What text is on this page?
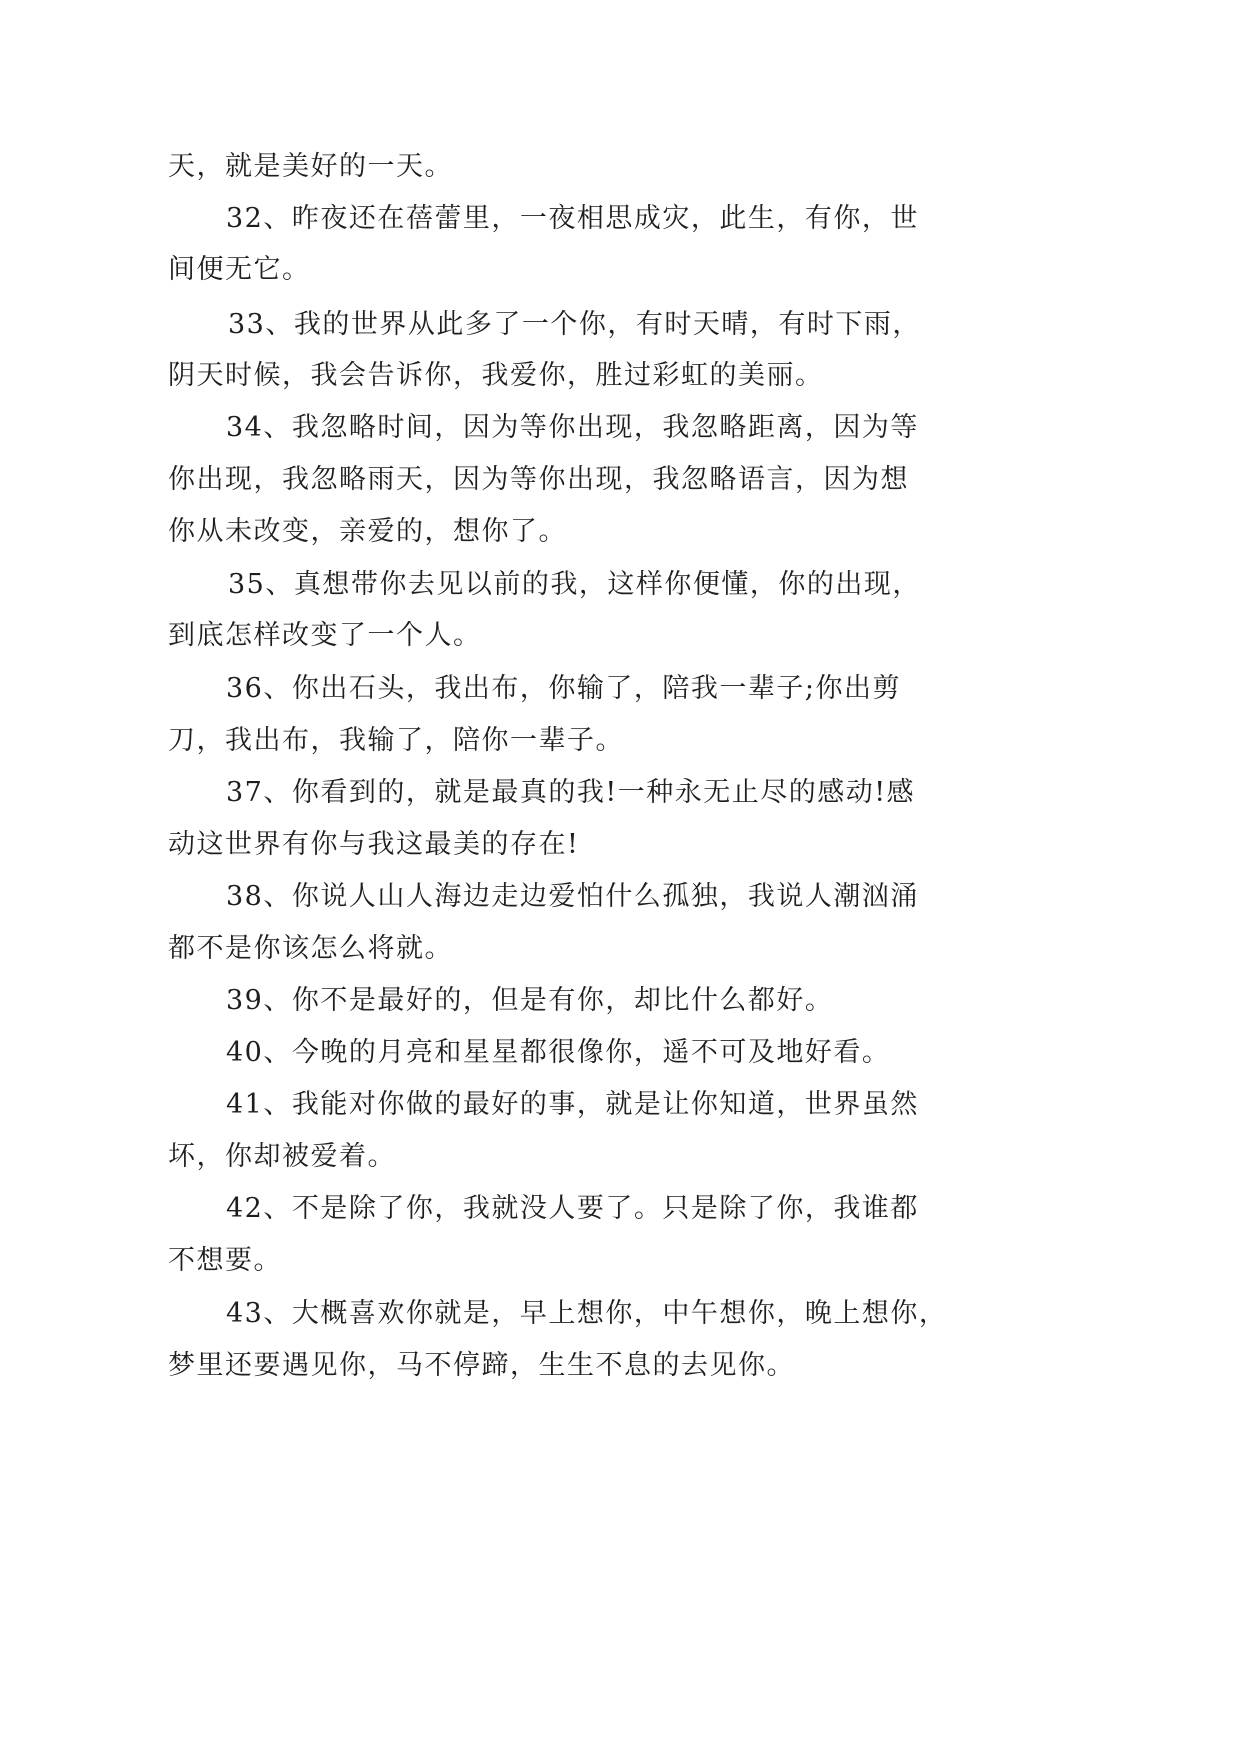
天，就是美好的一天。
32、昨夜还在蓓蕾里，一夜相思成灾，此生，有你，世
间便无它。
33、我的世界从此多了一个你，有时天晴，有时下雨，
阴天时候，我会告诉你，我爱你，胜过彩虹的美丽。
34、我忽略时间，因为等你出现，我忽略距离，因为等
你出现，我忽略雨天，因为等你出现，我忽略语言，因为想
你从未改变，亲爱的，想你了。
35、真想带你去见以前的我，这样你便懂，你的出现，
到底怎样改变了一个人。
36、你出石头，我出布，你输了，陪我一辈子;你出剪
刀，我出布，我输了，陪你一辈子。
37、你看到的，就是最真的我!一种永无止尽的感动!感
动这世界有你与我这最美的存在!
38、你说人山人海边走边爱怕什么孤独，我说人潮汹涌
都不是你该怎么将就。
39、你不是最好的，但是有你，却比什么都好。
40、今晚的月亮和星星都很像你，遥不可及地好看。
41、我能对你做的最好的事，就是让你知道，世界虽然
坏，你却被爱着。
42、不是除了你，我就没人要了。只是除了你，我谁都
不想要。
43、大概喜欢你就是，早上想你，中午想你，晚上想你，
梦里还要遇见你，马不停蹄，生生不息的去见你。
